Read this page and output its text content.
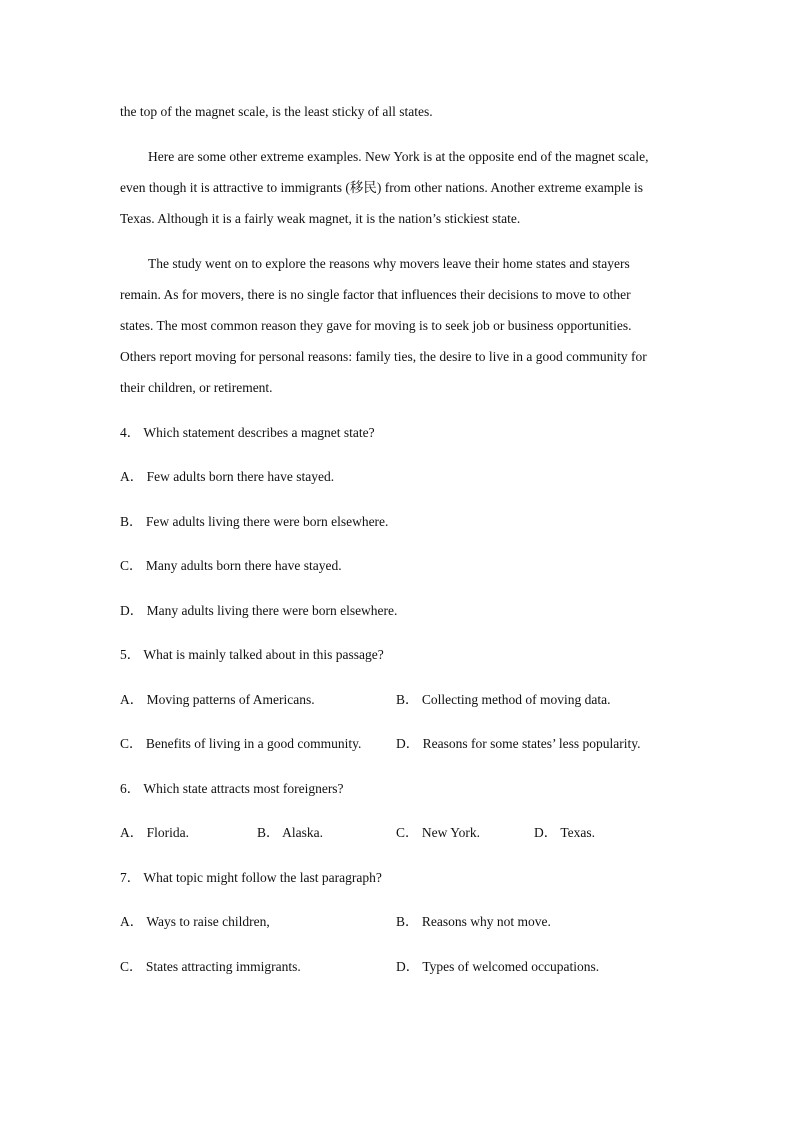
the top of the magnet scale, is the least sticky of all states.

Here are some other extreme examples. New York is at the opposite end of the magnet scale,

even though it is attractive to immigrants (移民) from other nations. Another extreme example is

Texas. Although it is a fairly weak magnet, it is the nation’s stickiest state.

The study went on to explore the reasons why movers leave their home states and stayers

remain. As for movers, there is no single factor that influences their decisions to move to other

states. The most common reason they gave for moving is to seek job or business opportunities.

Others report moving for personal reasons: family ties, the desire to live in a good community for

their children, or retirement.

4． Which statement describes a magnet state?

A． Few adults born there have stayed.

B． Few adults living there were born elsewhere.

C． Many adults born there have stayed.

D． Many adults living there were born elsewhere.

5． What is mainly talked about in this passage?

A． Moving patterns of Americans.	B． Collecting method of moving data.
C． Benefits of living in a good community.	D． Reasons for some states’ less popularity.

6． Which state attracts most foreigners?

A． Florida.	B． Alaska.	C． New York.	D． Texas.

7． What topic might follow the last paragraph?

A． Ways to raise children,	B． Reasons why not move.
C． States attracting immigrants.	D． Types of welcomed occupations.
